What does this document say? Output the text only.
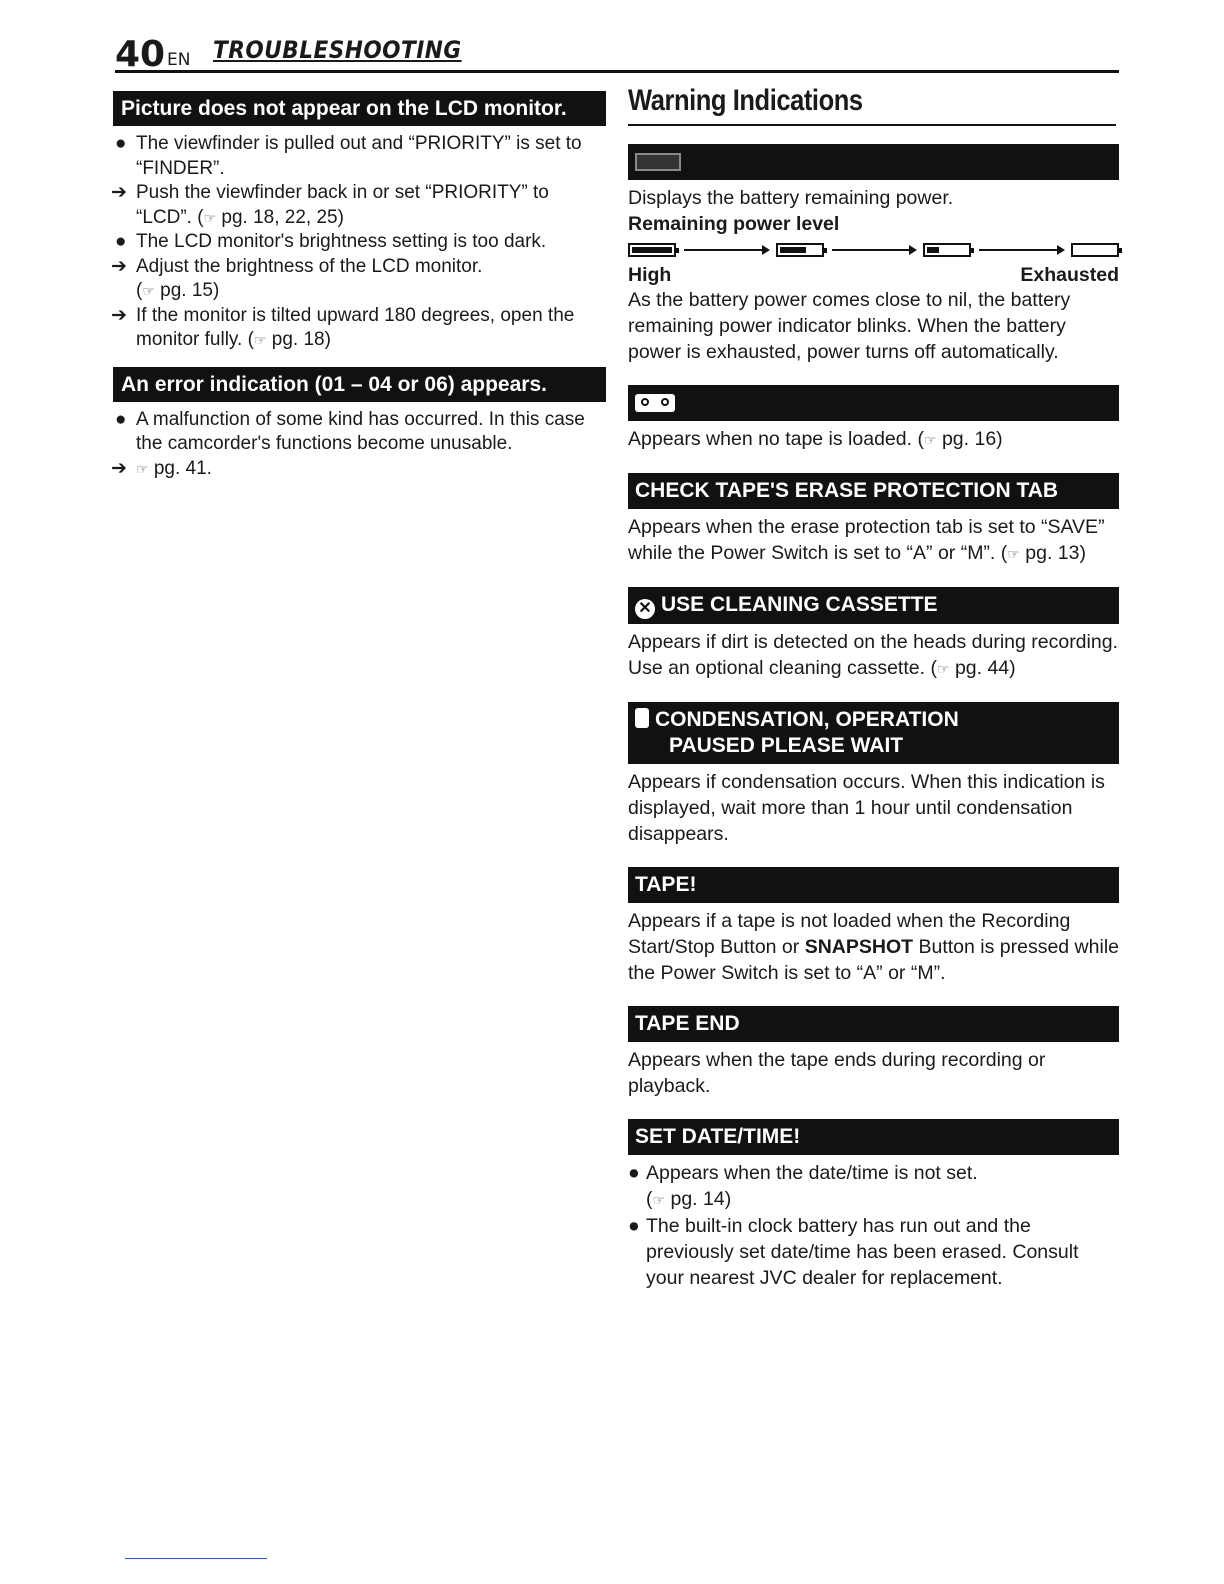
40 EN TROUBLESHOOTING
Picture does not appear on the LCD monitor.
● The viewfinder is pulled out and “PRIORITY” is set to “FINDER”.
➔ Push the viewfinder back in or set “PRIORITY” to “LCD”. (☞ pg. 18, 22, 25)
● The LCD monitor's brightness setting is too dark.
➔ Adjust the brightness of the LCD monitor.
(☞ pg. 15)
➔ If the monitor is tilted upward 180 degrees, open the monitor fully. (☞ pg. 18)
An error indication (01 – 04 or 06) appears.
● A malfunction of some kind has occurred. In this case the camcorder's functions become unusable.
➔ ☞ pg. 41.
Warning Indications
Displays the battery remaining power.
Remaining power level
High	Exhausted
As the battery power comes close to nil, the battery remaining power indicator blinks. When the battery power is exhausted, power turns off automatically.
Appears when no tape is loaded. (☞ pg. 16)
CHECK TAPE'S ERASE PROTECTION TAB
Appears when the erase protection tab is set to “SAVE” while the Power Switch is set to “A” or “M”. (☞ pg. 13)
✕ USE CLEANING CASSETTE
Appears if dirt is detected on the heads during recording. Use an optional cleaning cassette. (☞ pg. 44)
CONDENSATION, OPERATION
PAUSED PLEASE WAIT
Appears if condensation occurs. When this indication is displayed, wait more than 1 hour until condensation disappears.
TAPE!
Appears if a tape is not loaded when the Recording Start/Stop Button or SNAPSHOT Button is pressed while the Power Switch is set to “A” or “M”.
TAPE END
Appears when the tape ends during recording or playback.
SET DATE/TIME!
● Appears when the date/time is not set.
(☞ pg. 14)
● The built-in clock battery has run out and the previously set date/time has been erased. Consult your nearest JVC dealer for replacement.
